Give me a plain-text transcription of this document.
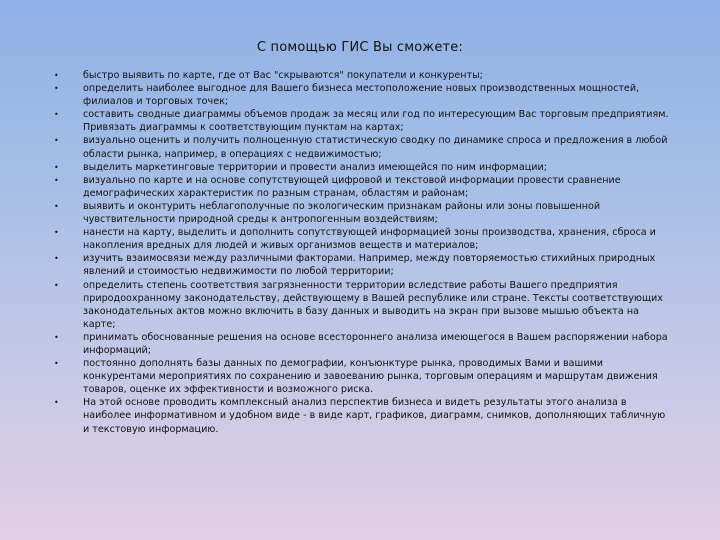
С помощью ГИС Вы сможете:
•	быстро выявить по карте, где от Вас "скрываются" покупатели и конкуренты;
•	определить наиболее выгодное для Вашего бизнеса местоположение новых производственных мощностей, филиалов и торговых точек;
•	составить сводные диаграммы объемов продаж за месяц или год по интересующим Вас торговым предприятиям. Привязать диаграммы к соответствующим пунктам на картах;
•	визуально оценить и получить полноценную статистическую сводку по динамике спроса и предложения в любой области рынка, например, в операциях с недвижимостью;
•	выделить маркетинговые территории и провести анализ имеющейся по ним информации;
•	визуально по карте и на основе сопутствующей цифровой и текстовой информации провести сравнение демографических характеристик по разным странам, областям и районам;
•	выявить и оконтурить неблагополучные по экологическим признакам районы или зоны повышенной чувствительности природной среды к антропогенным воздействиям;
•	нанести на карту, выделить и дополнить сопутствующей информацией зоны производства, хранения, сброса и накопления вредных для людей и живых организмов веществ и материалов;
•	изучить взаимосвязи между различными факторами. Например, между повторяемостью стихийных природных явлений и стоимостью недвижимости по любой территории;
•	определить степень соответствия загрязненности территории вследствие работы Вашего предприятия природоохранному законодательству, действующему в Вашей республике или стране. Тексты соответствующих законодательных актов можно включить в базу данных и выводить на экран при вызове мышью объекта на карте;
•	принимать обоснованные решения на основе всестороннего анализа имеющегося в Вашем распоряжении набора информаций;
•	постоянно дополнять базы данных по демографии, конъюнктуре рынка, проводимых Вами и вашими конкурентами мероприятиях по сохранению и завоеванию рынка, торговым операциям и маршрутам движения товаров, оценке их эффективности и возможного риска.
•	На этой основе проводить комплексный анализ перспектив бизнеса и видеть результаты этого анализа в наиболее информативном и удобном виде - в виде карт, графиков, диаграмм, снимков, дополняющих табличную и текстовую информацию.
